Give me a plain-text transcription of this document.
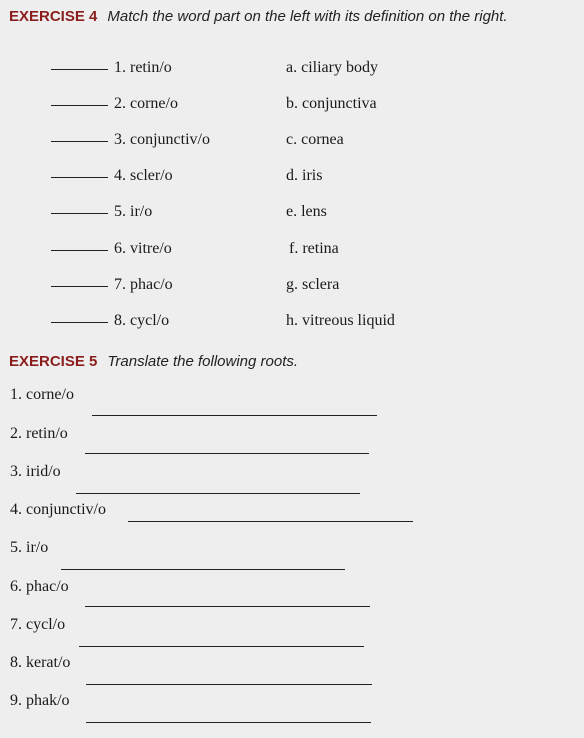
EXERCISE 4 Match the word part on the left with its definition on the right.
1. retin/o	a. ciliary body
2. corne/o	b. conjunctiva
3. conjunctiv/o	c. cornea
4. scler/o	d. iris
5. ir/o	e. lens
6. vitre/o	f. retina
7. phac/o	g. sclera
8. cycl/o	h. vitreous liquid
EXERCISE 5 Translate the following roots.
1. corne/o
2. retin/o
3. irid/o
4. conjunctiv/o
5. ir/o
6. phac/o
7. cycl/o
8. kerat/o
9. phak/o
